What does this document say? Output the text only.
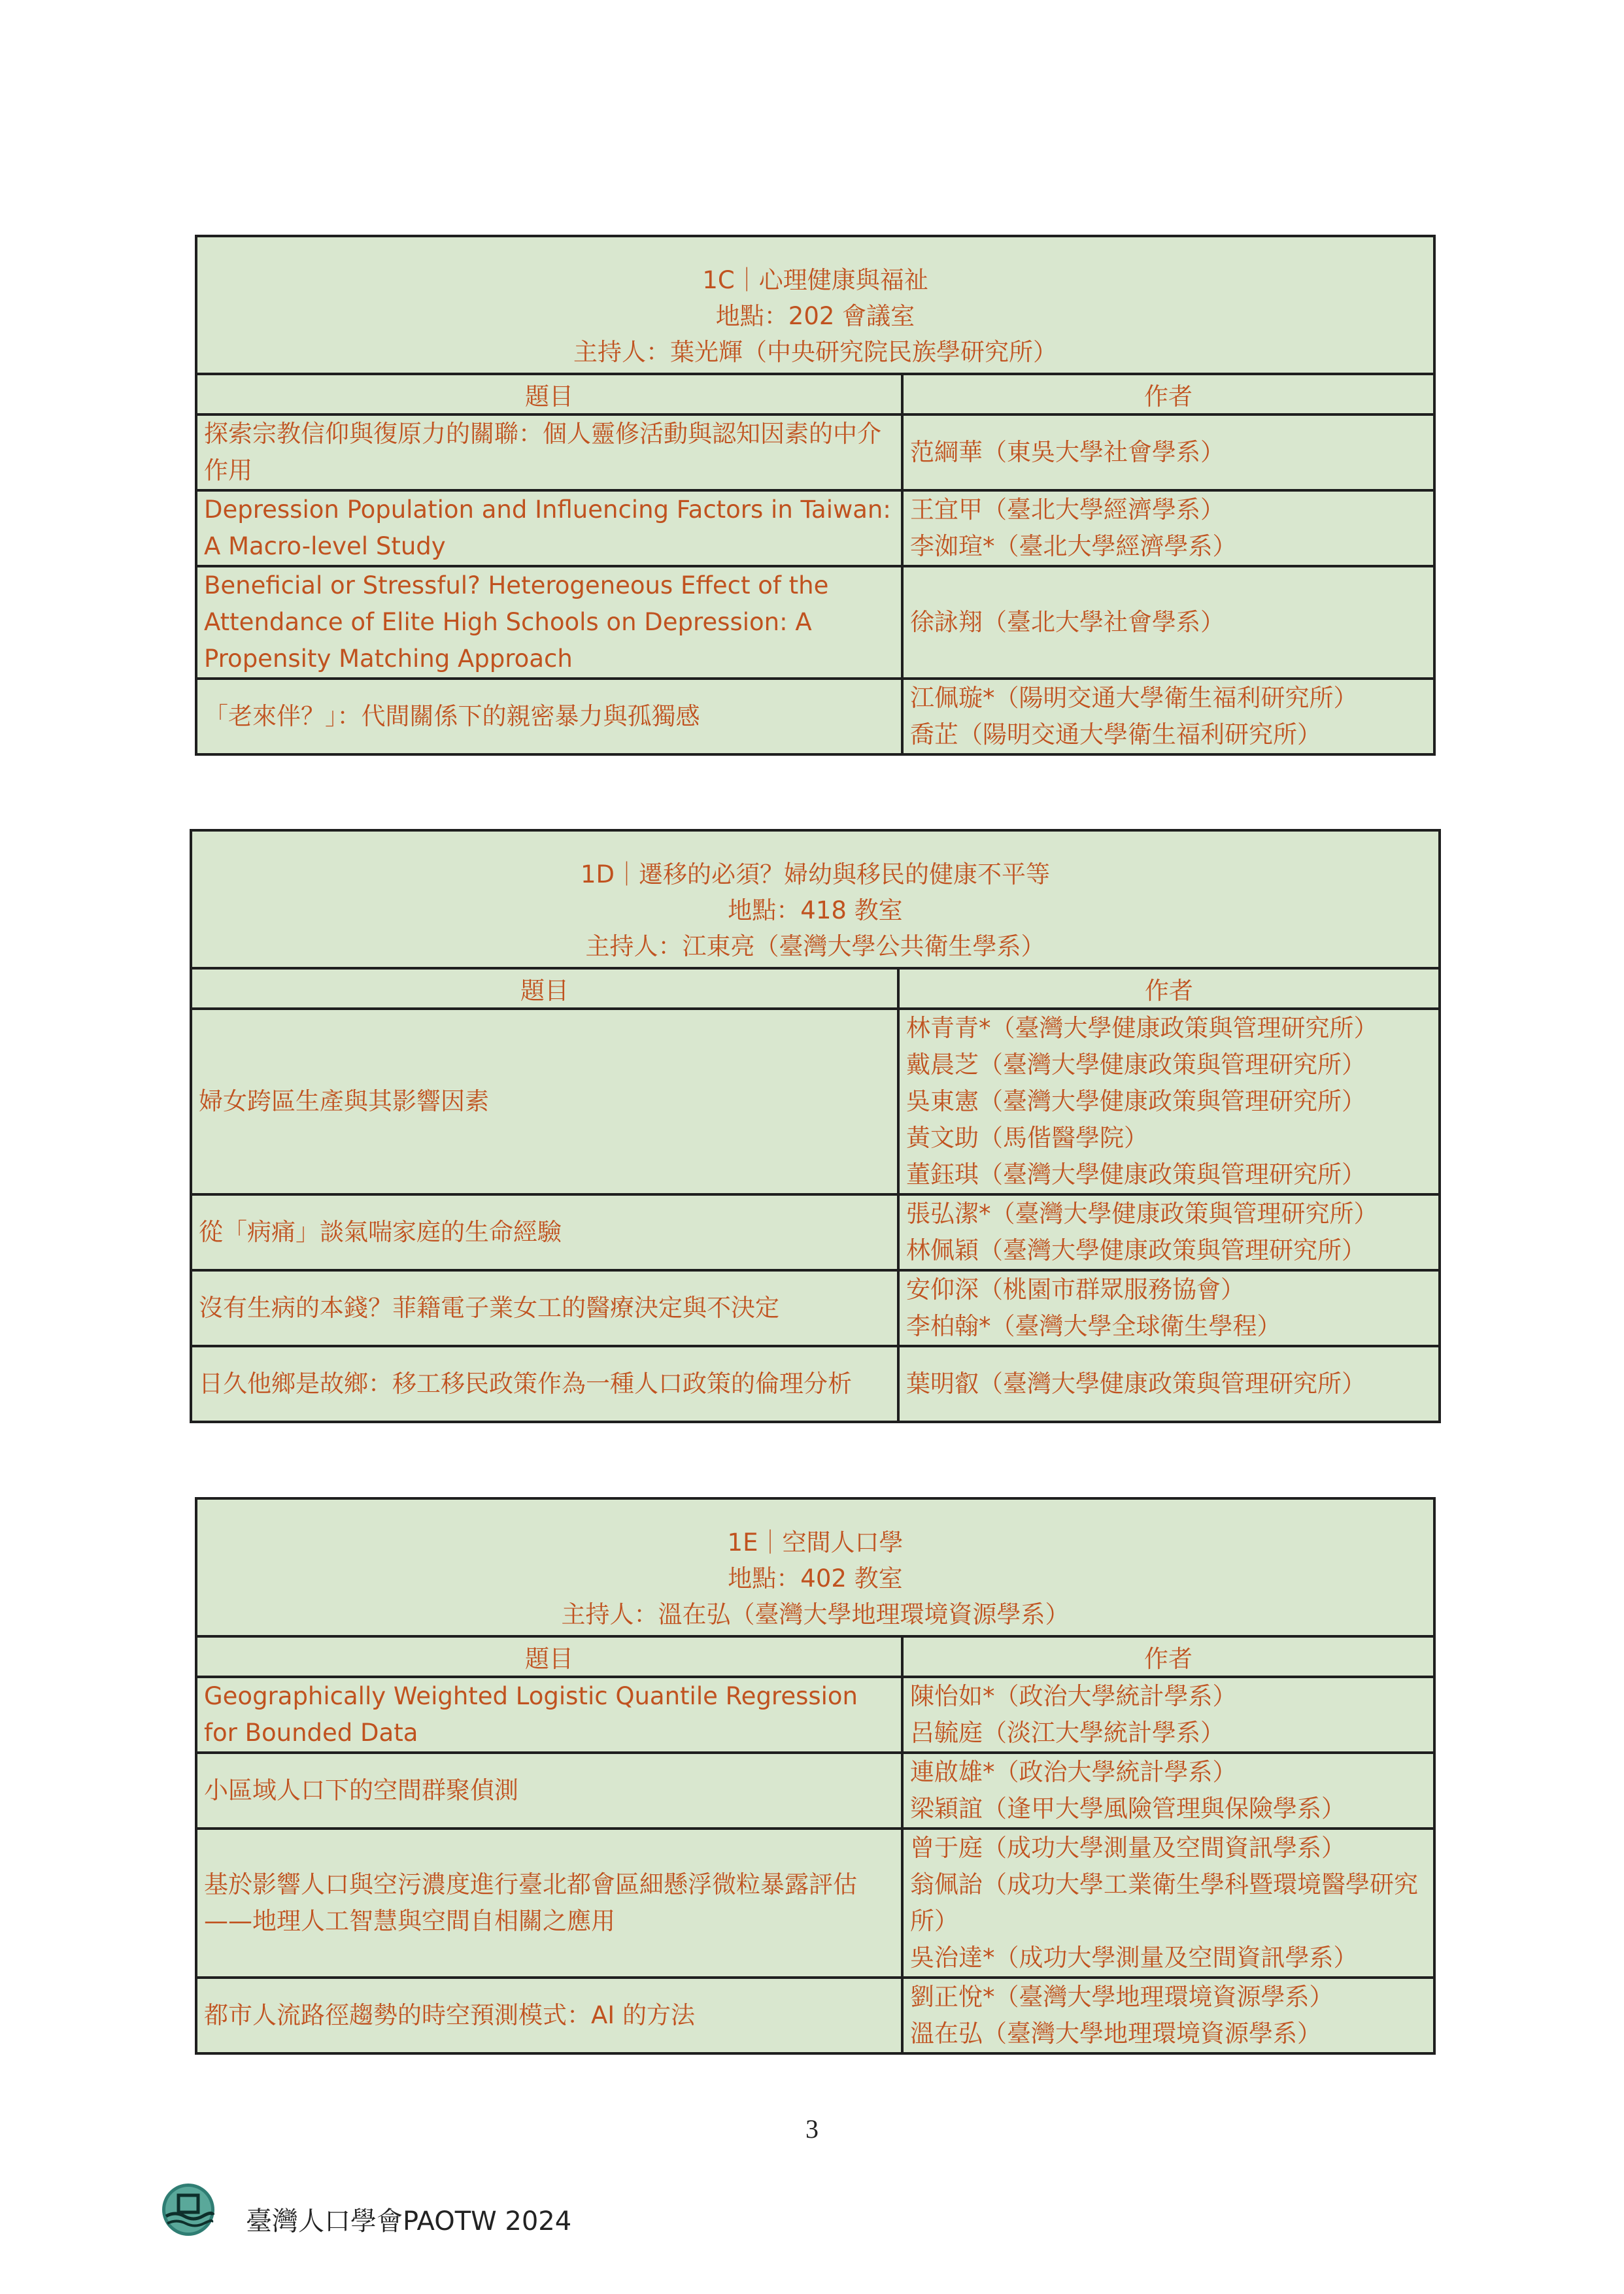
1C｜心理健康與福祉
地點：202 會議室
主持人：葉光輝（中央研究院民族學研究所）
題目	作者
探索宗教信仰與復原力的關聯：個人靈修活動與認知因素的中介作用	范綱華（東吳大學社會學系）

Depression Population and Influencing Factors in Taiwan: A Macro-level Study	王宜甲（臺北大學經濟學系）
李洳瑄*（臺北大學經濟學系）

Beneficial or Stressful? Heterogeneous Effect of the Attendance of Elite High Schools on Depression: A Propensity Matching Approach	徐詠翔（臺北大學社會學系）

「老來伴？」：代間關係下的親密暴力與孤獨感	江佩璇*（陽明交通大學衛生福利研究所）
喬芷（陽明交通大學衛生福利研究所）
1D｜遷移的必須？婦幼與移民的健康不平等
地點：418 教室
主持人：江東亮（臺灣大學公共衛生學系）
題目	作者
婦女跨區生產與其影響因素	林青青*（臺灣大學健康政策與管理研究所）
戴晨芝（臺灣大學健康政策與管理研究所）
吳東憲（臺灣大學健康政策與管理研究所）
黃文助（馬偕醫學院）
董鈺琪（臺灣大學健康政策與管理研究所）

從「病痛」談氣喘家庭的生命經驗	張弘潔*（臺灣大學健康政策與管理研究所）
林佩穎（臺灣大學健康政策與管理研究所）

沒有生病的本錢？菲籍電子業女工的醫療決定與不決定	安仰深（桃園市群眾服務協會）
李柏翰*（臺灣大學全球衛生學程）

日久他鄉是故鄉：移工移民政策作為一種人口政策的倫理分析	葉明叡（臺灣大學健康政策與管理研究所）
1E｜空間人口學
地點：402 教室
主持人：溫在弘（臺灣大學地理環境資源學系）
題目	作者
Geographically Weighted Logistic Quantile Regression for Bounded Data	陳怡如*（政治大學統計學系）
呂毓庭（淡江大學統計學系）

小區域人口下的空間群聚偵測	連啟雄*（政治大學統計學系）
梁穎誼（逢甲大學風險管理與保險學系）

基於影響人口與空污濃度進行臺北都會區細懸浮微粒暴露評估——地理人工智慧與空間自相關之應用	曾于庭（成功大學測量及空間資訊學系）
翁佩詒（成功大學工業衛生學科暨環境醫學研究所）
吳治達*（成功大學測量及空間資訊學系）

都市人流路徑趨勢的時空預測模式：AI 的方法	劉正悅*（臺灣大學地理環境資源學系）
溫在弘（臺灣大學地理環境資源學系）
3
臺灣人口學會PAOTW 2024
